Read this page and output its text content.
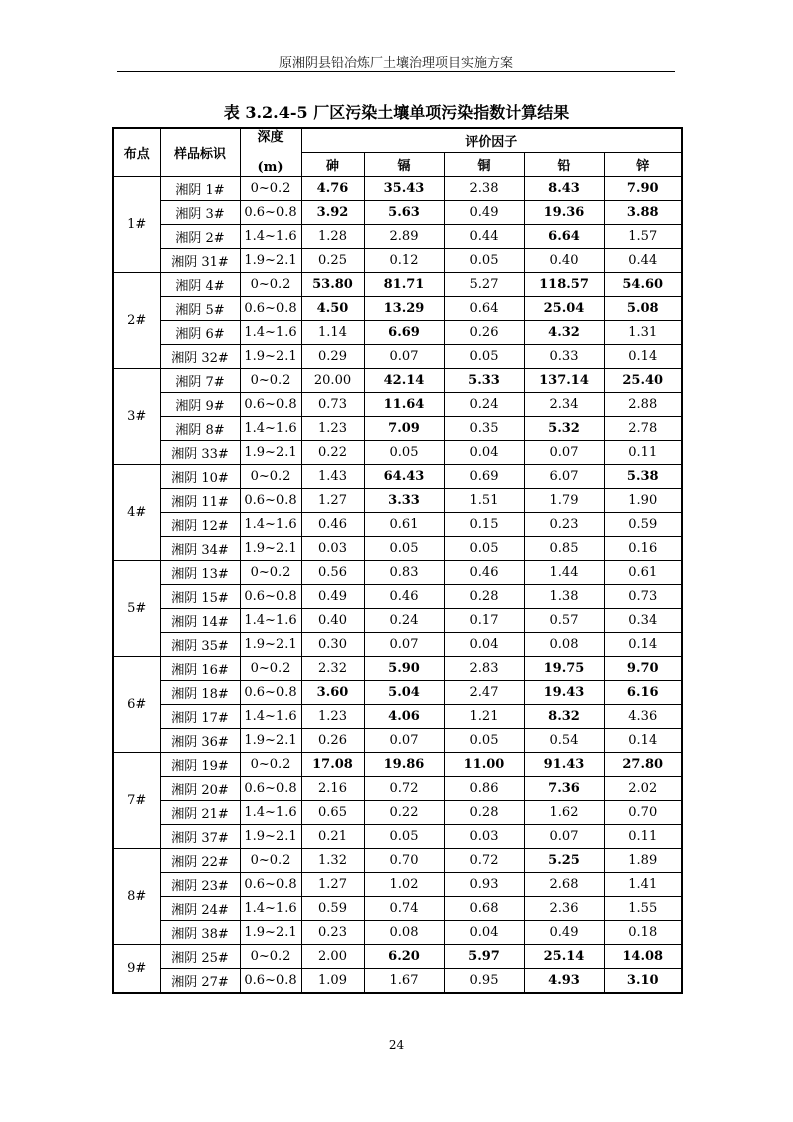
原湘阴县铅冶炼厂土壤治理项目实施方案
表 3.2.4-5 厂区污染土壤单项污染指数计算结果
布点	样品标识	深度
(m)	评价因子				
			砷	镉	铜	铅	锌
1#	湘阴 1#	0~0.2	4.76	35.43	2.38	8.43	7.90
	湘阴 3#	0.6~0.8	3.92	5.63	0.49	19.36	3.88
	湘阴 2#	1.4~1.6	1.28	2.89	0.44	6.64	1.57
	湘阴 31#	1.9~2.1	0.25	0.12	0.05	0.40	0.44
2#	湘阴 4#	0~0.2	53.80	81.71	5.27	118.57	54.60
	湘阴 5#	0.6~0.8	4.50	13.29	0.64	25.04	5.08
	湘阴 6#	1.4~1.6	1.14	6.69	0.26	4.32	1.31
	湘阴 32#	1.9~2.1	0.29	0.07	0.05	0.33	0.14
3#	湘阴 7#	0~0.2	20.00	42.14	5.33	137.14	25.40
	湘阴 9#	0.6~0.8	0.73	11.64	0.24	2.34	2.88
	湘阴 8#	1.4~1.6	1.23	7.09	0.35	5.32	2.78
	湘阴 33#	1.9~2.1	0.22	0.05	0.04	0.07	0.11
4#	湘阴 10#	0~0.2	1.43	64.43	0.69	6.07	5.38
	湘阴 11#	0.6~0.8	1.27	3.33	1.51	1.79	1.90
	湘阴 12#	1.4~1.6	0.46	0.61	0.15	0.23	0.59
	湘阴 34#	1.9~2.1	0.03	0.05	0.05	0.85	0.16
5#	湘阴 13#	0~0.2	0.56	0.83	0.46	1.44	0.61
	湘阴 15#	0.6~0.8	0.49	0.46	0.28	1.38	0.73
	湘阴 14#	1.4~1.6	0.40	0.24	0.17	0.57	0.34
	湘阴 35#	1.9~2.1	0.30	0.07	0.04	0.08	0.14
6#	湘阴 16#	0~0.2	2.32	5.90	2.83	19.75	9.70
	湘阴 18#	0.6~0.8	3.60	5.04	2.47	19.43	6.16
	湘阴 17#	1.4~1.6	1.23	4.06	1.21	8.32	4.36
	湘阴 36#	1.9~2.1	0.26	0.07	0.05	0.54	0.14
7#	湘阴 19#	0~0.2	17.08	19.86	11.00	91.43	27.80
	湘阴 20#	0.6~0.8	2.16	0.72	0.86	7.36	2.02
	湘阴 21#	1.4~1.6	0.65	0.22	0.28	1.62	0.70
	湘阴 37#	1.9~2.1	0.21	0.05	0.03	0.07	0.11
8#	湘阴 22#	0~0.2	1.32	0.70	0.72	5.25	1.89
	湘阴 23#	0.6~0.8	1.27	1.02	0.93	2.68	1.41
	湘阴 24#	1.4~1.6	0.59	0.74	0.68	2.36	1.55
	湘阴 38#	1.9~2.1	0.23	0.08	0.04	0.49	0.18
9#	湘阴 25#	0~0.2	2.00	6.20	5.97	25.14	14.08
	湘阴 27#	0.6~0.8	1.09	1.67	0.95	4.93	3.10
24
